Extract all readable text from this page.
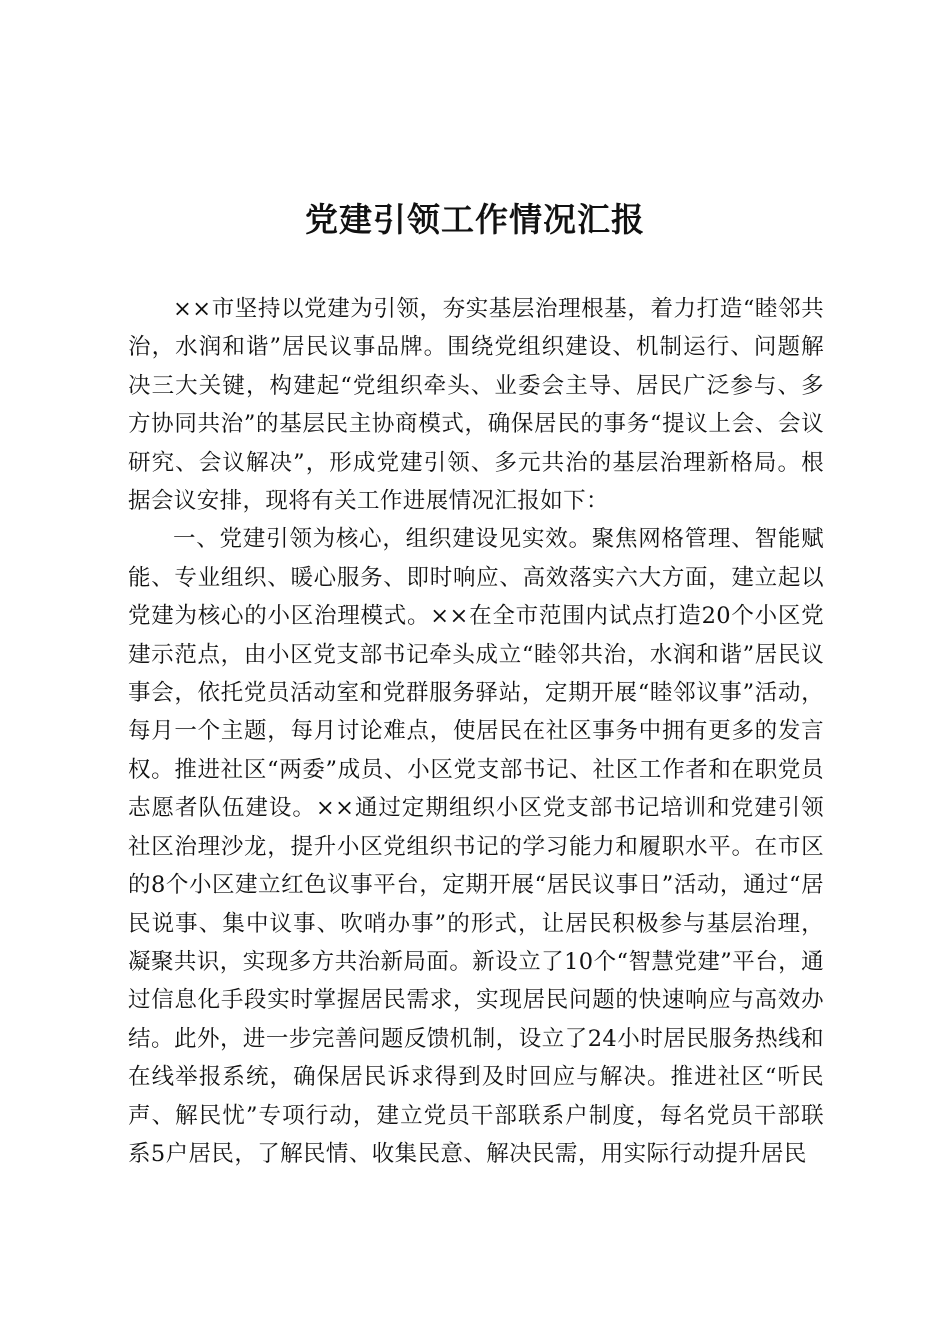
党建引领工作情况汇报

××市坚持以党建为引领，夯实基层治理根基，着力打造“睦邻共治，水润和谐”居民议事品牌。围绕党组织建设、机制运行、问题解决三大关键，构建起“党组织牵头、业委会主导、居民广泛参与、多方协同共治”的基层民主协商模式，确保居民的事务“提议上会、会议研究、会议解决”，形成党建引领、多元共治的基层治理新格局。根据会议安排，现将有关工作进展情况汇报如下：

一、党建引领为核心，组织建设见实效。聚焦网格管理、智能赋能、专业组织、暖心服务、即时响应、高效落实六大方面，建立起以党建为核心的小区治理模式。××在全市范围内试点打造20个小区党建示范点，由小区党支部书记牵头成立“睦邻共治，水润和谐”居民议事会，依托党员活动室和党群服务驿站，定期开展“睦邻议事”活动，每月一个主题，每月讨论难点，使居民在社区事务中拥有更多的发言权。推进社区“两委”成员、小区党支部书记、社区工作者和在职党员志愿者队伍建设。××通过定期组织小区党支部书记培训和党建引领社区治理沙龙，提升小区党组织书记的学习能力和履职水平。在市区的8个小区建立红色议事平台，定期开展“居民议事日”活动，通过“居民说事、集中议事、吹哨办事”的形式，让居民积极参与基层治理，凝聚共识，实现多方共治新局面。新设立了10个“智慧党建”平台，通过信息化手段实时掌握居民需求，实现居民问题的快速响应与高效办结。此外，进一步完善问题反馈机制，设立了24小时居民服务热线和在线举报系统，确保居民诉求得到及时回应与解决。推进社区“听民声、解民忧”专项行动，建立党员干部联系户制度，每名党员干部联系5户居民，了解民情、收集民意、解决民需，用实际行动提升居民
